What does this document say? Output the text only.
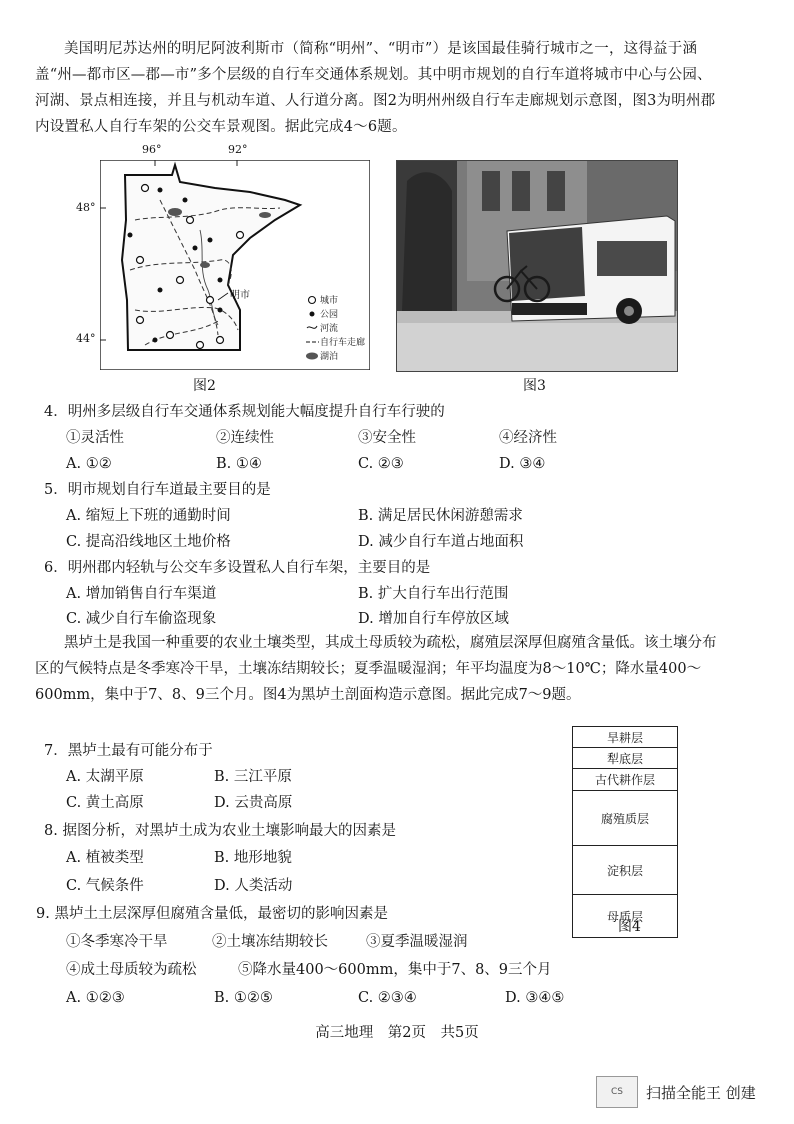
美国明尼苏达州的明尼阿波利斯市（简称“明州”、“明市”）是该国最佳骑行城市之一，这得益于涵盖“州—都市区—郡—市”多个层级的自行车交通体系规划。其中明市规划的自行车道将城市中心与公园、河湖、景点相连接，并且与机动车道、人行道分离。图2为明州州级自行车走廊规划示意图，图3为明州郡内设置私人自行车架的公交车景观图。据此完成4～6题。

96°	92°
48°
44°
明市	城市
公园
河流
自行车走廊
湖泊
图2	图3
4．明州多层级自行车交通体系规划能大幅度提升自行车行驶的
①灵活性	②连续性	③安全性	④经济性
A. ①②	B. ①④	C. ②③	D. ③④
5．明市规划自行车道最主要目的是
A. 缩短上下班的通勤时间	B. 满足居民休闲游憩需求
C. 提高沿线地区土地价格	D. 减少自行车道占地面积
6．明州郡内轻轨与公交车多设置私人自行车架，主要目的是
A. 增加销售自行车渠道	B. 扩大自行车出行范围
C. 减少自行车偷盗现象	D. 增加自行车停放区域

黑垆土是我国一种重要的农业土壤类型，其成土母质较为疏松，腐殖层深厚但腐殖含量低。该土壤分布区的气候特点是冬季寒冷干旱，土壤冻结期较长；夏季温暖湿润；年平均温度为8～10℃；降水量400～600mm，集中于7、8、9三个月。图4为黑垆土剖面构造示意图。据此完成7～9题。

旱耕层
犁底层
古代耕作层
腐殖质层
淀积层
母质层
图4
7．黑垆土最有可能分布于
A. 太湖平原	B. 三江平原
C. 黄土高原	D. 云贵高原
8. 据图分析，对黑垆土成为农业土壤影响最大的因素是
A. 植被类型	B. 地形地貌
C. 气候条件	D. 人类活动
9. 黑垆土土层深厚但腐殖含量低，最密切的影响因素是
①冬季寒冷干旱	②土壤冻结期较长	③夏季温暖湿润
④成土母质较为疏松	⑤降水量400～600mm，集中于7、8、9三个月
A. ①②③	B. ①②⑤	C. ②③④	D. ③④⑤
高三地理　第2页　共5页
CS	扫描全能王 创建
